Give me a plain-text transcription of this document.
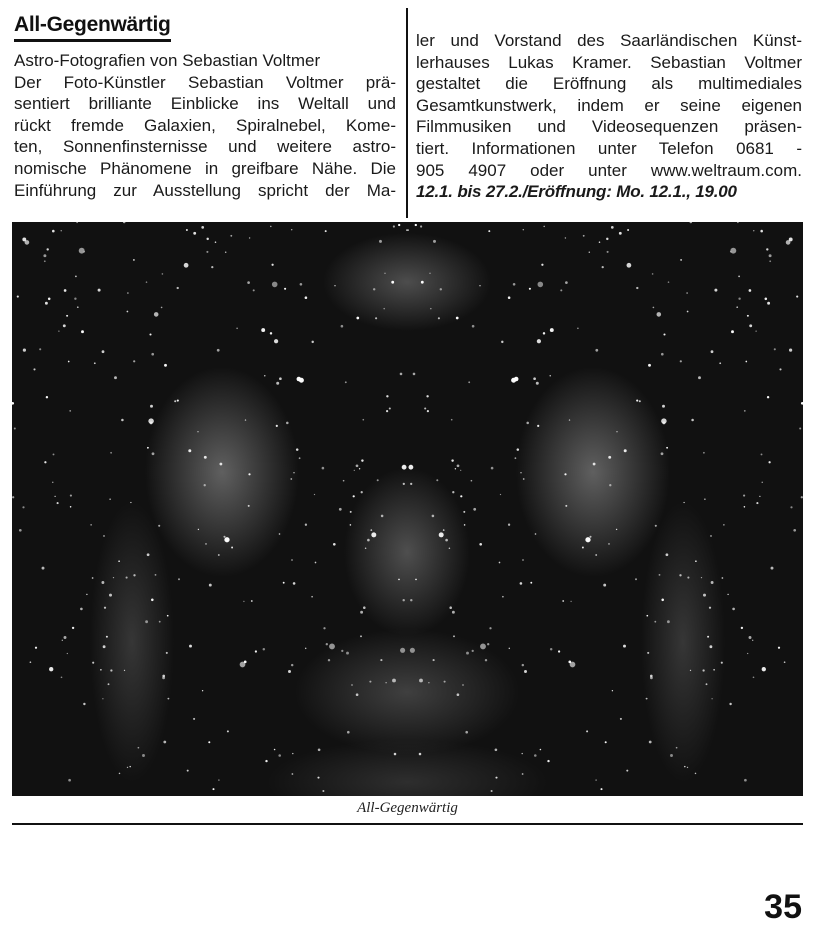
All-Gegenwärtig
Astro-Fotografien von Sebastian Voltmer
Der Foto-Künstler Sebastian Voltmer prä-
sentiert brilliante Einblicke ins Weltall und
rückt fremde Galaxien, Spiralnebel, Kome-
ten, Sonnenfinsternisse und weitere astro-
nomische Phänomene in greifbare Nähe. Die
Einführung zur Ausstellung spricht der Ma-
ler und Vorstand des Saarländischen Künst-
lerhauses Lukas Kramer. Sebastian Voltmer
gestaltet die Eröffnung als multimediales
Gesamtkunstwerk, indem er seine eigenen
Filmmusiken und Videosequenzen präsen-
tiert. Informationen unter Telefon 0681 -
905 4907 oder unter www.weltraum.com.
12.1. bis 27.2./Eröffnung: Mo. 12.1., 19.00
All-Gegenwärtig
35
